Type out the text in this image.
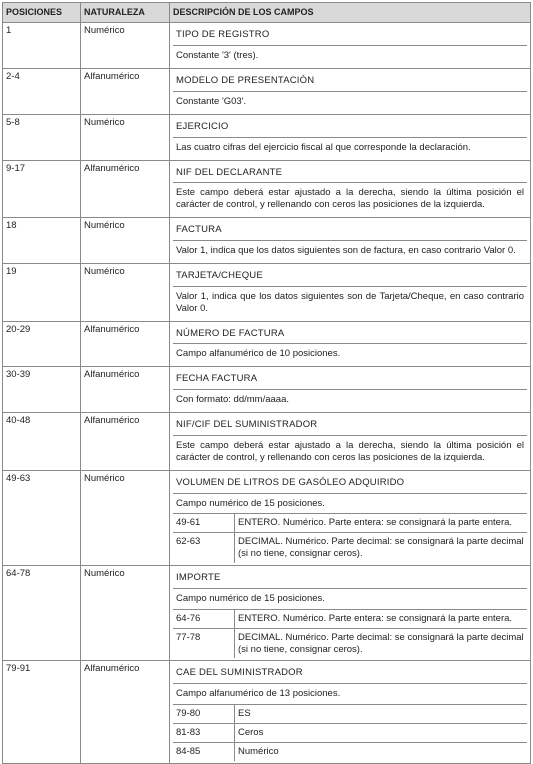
POSICIONES	NATURALEZA	DESCRIPCIÓN DE LOS CAMPOS
1	Numérico	TIPO DE REGISTRO
Constante '3' (tres).

2-4	Alfanumérico	MODELO DE PRESENTACIÓN
Constante 'G03'.

5-8	Numérico	EJERCICIO
Las cuatro cifras del ejercicio fiscal al que corresponde la declaración.

9-17	Alfanumérico	NIF DEL DECLARANTE
Este campo deberá estar ajustado a la derecha, siendo la última posición el carácter de control, y rellenando con ceros las posiciones de la izquierda.

18	Numérico	FACTURA
Valor 1, indica que los datos siguientes son de factura, en caso contrario Valor 0.

19	Numérico	TARJETA/CHEQUE
Valor 1, indica que los datos siguientes son de Tarjeta/Cheque, en caso contrario Valor 0.

20-29	Alfanumérico	NÚMERO DE FACTURA
Campo alfanumérico de 10 posiciones.

30-39	Alfanumérico	FECHA FACTURA
Con formato: dd/mm/aaaa.

40-48	Alfanumérico	NIF/CIF DEL SUMINISTRADOR
Este campo deberá estar ajustado a la derecha, siendo la última posición el carácter de control, y rellenando con ceros las posiciones de la izquierda.

49-63	Numérico	VOLUMEN DE LITROS DE GASÓLEO ADQUIRIDO
Campo numérico de 15 posiciones.
49-61	ENTERO. Numérico. Parte entera: se consignará la parte entera.
62-63	DECIMAL. Numérico. Parte decimal: se consignará la parte decimal (si no tiene, consignar ceros).

64-78	Numérico	IMPORTE
Campo numérico de 15 posiciones.
64-76	ENTERO. Numérico. Parte entera: se consignará la parte entera.
77-78	DECIMAL. Numérico. Parte decimal: se consignará la parte decimal (si no tiene, consignar ceros).

79-91	Alfanumérico	CAE DEL SUMINISTRADOR
Campo alfanumérico de 13 posiciones.
79-80	ES
81-83	Ceros
84-85	Numérico
